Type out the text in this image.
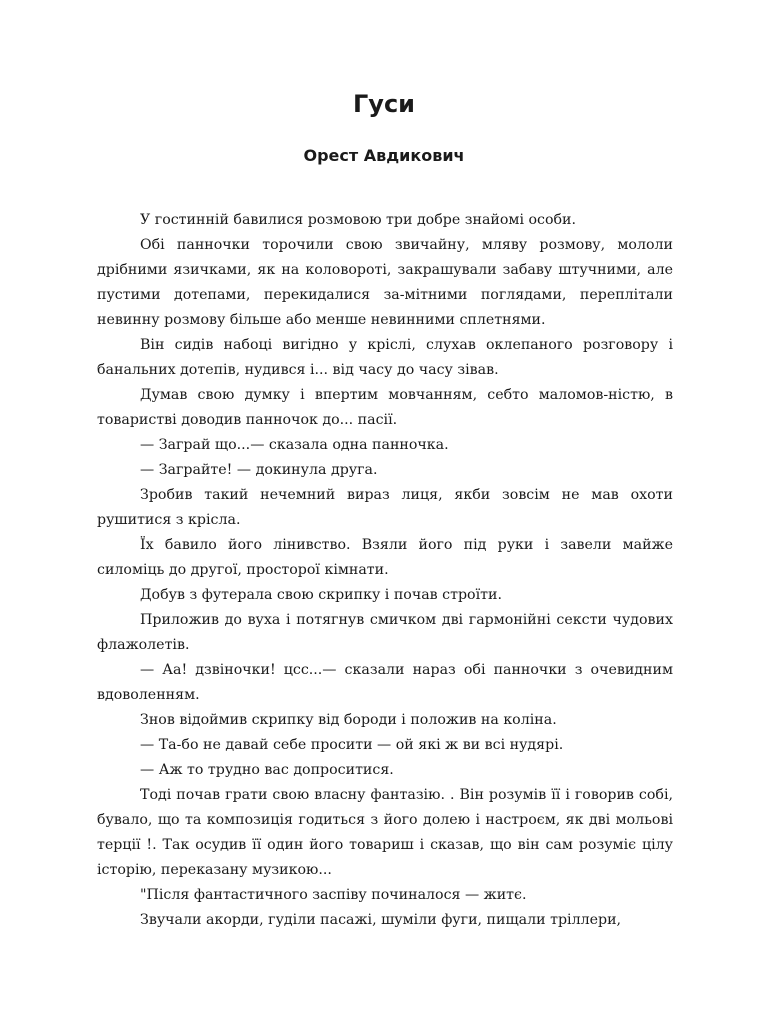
Гуси
Орест Авдикович

У гостинній бавилися розмовою три добре знайомі особи.

Обі панночки торочили свою звичайну, мляву розмову, мололи дрібними язичками, як на коловороті, закрашували забаву штучними, але пустими дотепами, перекидалися за-мітними поглядами, переплітали невинну розмову більше або менше невинними сплетнями.

Він сидів набоці вигідно у кріслі, слухав оклепаного розговору і банальних дотепів, нудився і... від часу до часу зівав.

Думав свою думку і впертим мовчанням, себто маломов-ністю, в товаристві доводив панночок до... пасії.

— Заграй що...— сказала одна панночка.

— Заграйте! — докинула друга.

Зробив такий нечемний вираз лиця, якби зовсім не мав охоти рушитися з крісла.

Їх бавило його лінивство. Взяли його під руки і завели майже силоміць до другої, просторої кімнати.

Добув з футерала свою скрипку і почав строїти.

Приложив до вуха і потягнув смичком дві гармонійні сексти чудових флажолетів.

— Аа! дзвіночки! цсс...— сказали нараз обі панночки з очевидним вдоволенням.

Знов відоймив скрипку від бороди і положив на коліна.

— Та-бо не давай себе просити — ой які ж ви всі нудярі.

— Аж то трудно вас допроситися.

Тоді почав грати свою власну фантазію. . Він розумів її і говорив собі, бувало, що та композиція годиться з його долею і настроєм, як дві мольові терції !. Так осудив її один його товариш і сказав, що він сам розуміє цілу історію, переказану музикою...

"Після фантастичного заспіву починалося — житє.

Звучали акорди, гуділи пасажі, шуміли фуги, пищали тріллери,
